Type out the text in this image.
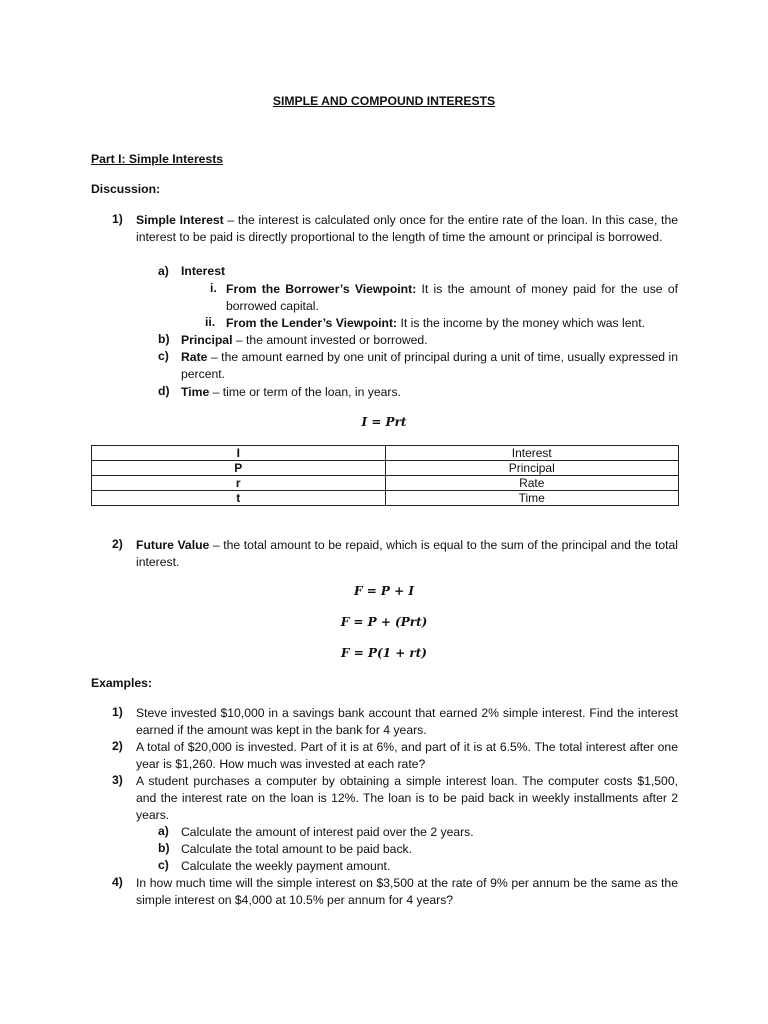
SIMPLE AND COMPOUND INTERESTS
Part I: Simple Interests
Discussion:
1) Simple Interest – the interest is calculated only once for the entire rate of the loan. In this case, the interest to be paid is directly proportional to the length of time the amount or principal is borrowed.
a) Interest
i. From the Borrower’s Viewpoint: It is the amount of money paid for the use of borrowed capital.
ii. From the Lender’s Viewpoint: It is the income by the money which was lent.
b) Principal – the amount invested or borrowed.
c) Rate – the amount earned by one unit of principal during a unit of time, usually expressed in percent.
d) Time – time or term of the loan, in years.
I = Prt
I	Interest
P	Principal
r	Rate
t	Time
2) Future Value – the total amount to be repaid, which is equal to the sum of the principal and the total interest.
F = P + I
F = P + (Prt)
F = P(1 + rt)
Examples:
1) Steve invested $10,000 in a savings bank account that earned 2% simple interest. Find the interest earned if the amount was kept in the bank for 4 years.
2) A total of $20,000 is invested. Part of it is at 6%, and part of it is at 6.5%. The total interest after one year is $1,260. How much was invested at each rate?
3) A student purchases a computer by obtaining a simple interest loan. The computer costs $1,500, and the interest rate on the loan is 12%. The loan is to be paid back in weekly installments after 2 years.
a) Calculate the amount of interest paid over the 2 years.
b) Calculate the total amount to be paid back.
c) Calculate the weekly payment amount.
4) In how much time will the simple interest on $3,500 at the rate of 9% per annum be the same as the simple interest on $4,000 at 10.5% per annum for 4 years?
